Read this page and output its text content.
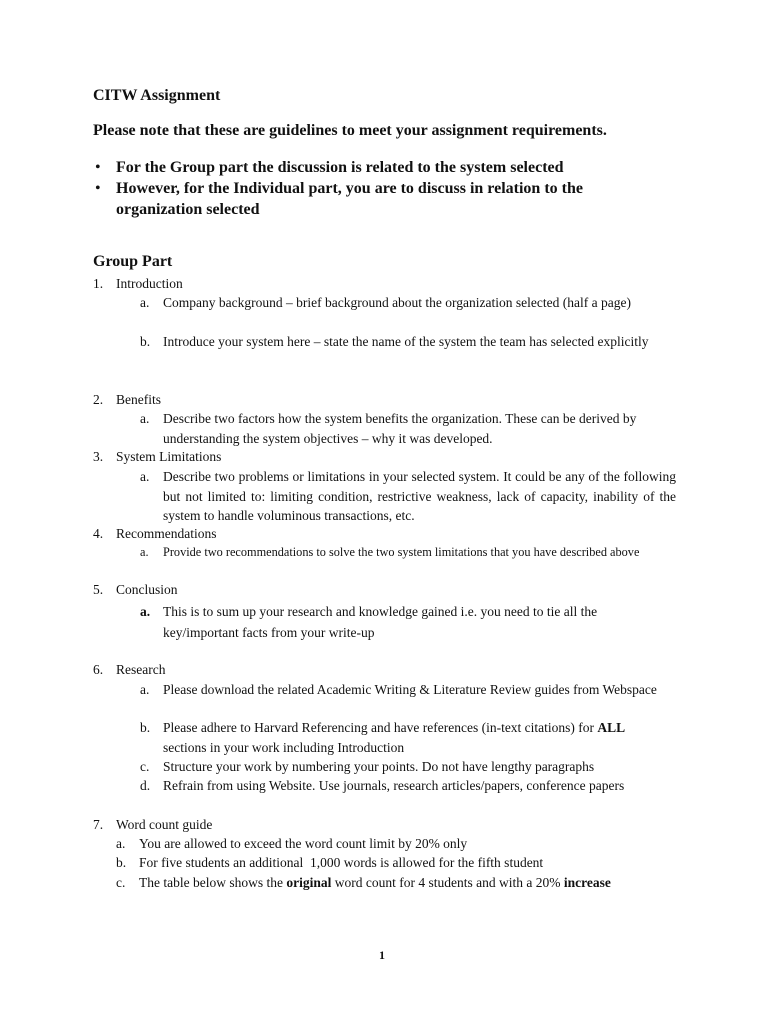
CITW Assignment
Please note that these are guidelines to meet your assignment requirements.
• For the Group part the discussion is related to the system selected
• However, for the Individual part, you are to discuss in relation to the organization selected
Group Part
1. Introduction
a. Company background – brief background about the organization selected (half a page)
b. Introduce your system here – state the name of the system the team has selected explicitly
2. Benefits
a. Describe two factors how the system benefits the organization. These can be derived by understanding the system objectives – why it was developed.
3. System Limitations
a. Describe two problems or limitations in your selected system. It could be any of the following but not limited to: limiting condition, restrictive weakness, lack of capacity, inability of the system to handle voluminous transactions, etc.
4. Recommendations
a. Provide two recommendations to solve the two system limitations that you have described above
5. Conclusion
a. This is to sum up your research and knowledge gained i.e. you need to tie all the key/important facts from your write-up
6. Research
a. Please download the related Academic Writing & Literature Review guides from Webspace
b. Please adhere to Harvard Referencing and have references (in-text citations) for ALL sections in your work including Introduction
c. Structure your work by numbering your points. Do not have lengthy paragraphs
d. Refrain from using Website. Use journals, research articles/papers, conference papers
7. Word count guide
a. You are allowed to exceed the word count limit by 20% only
b. For five students an additional  1,000 words is allowed for the fifth student
c. The table below shows the original word count for 4 students and with a 20% increase
1
